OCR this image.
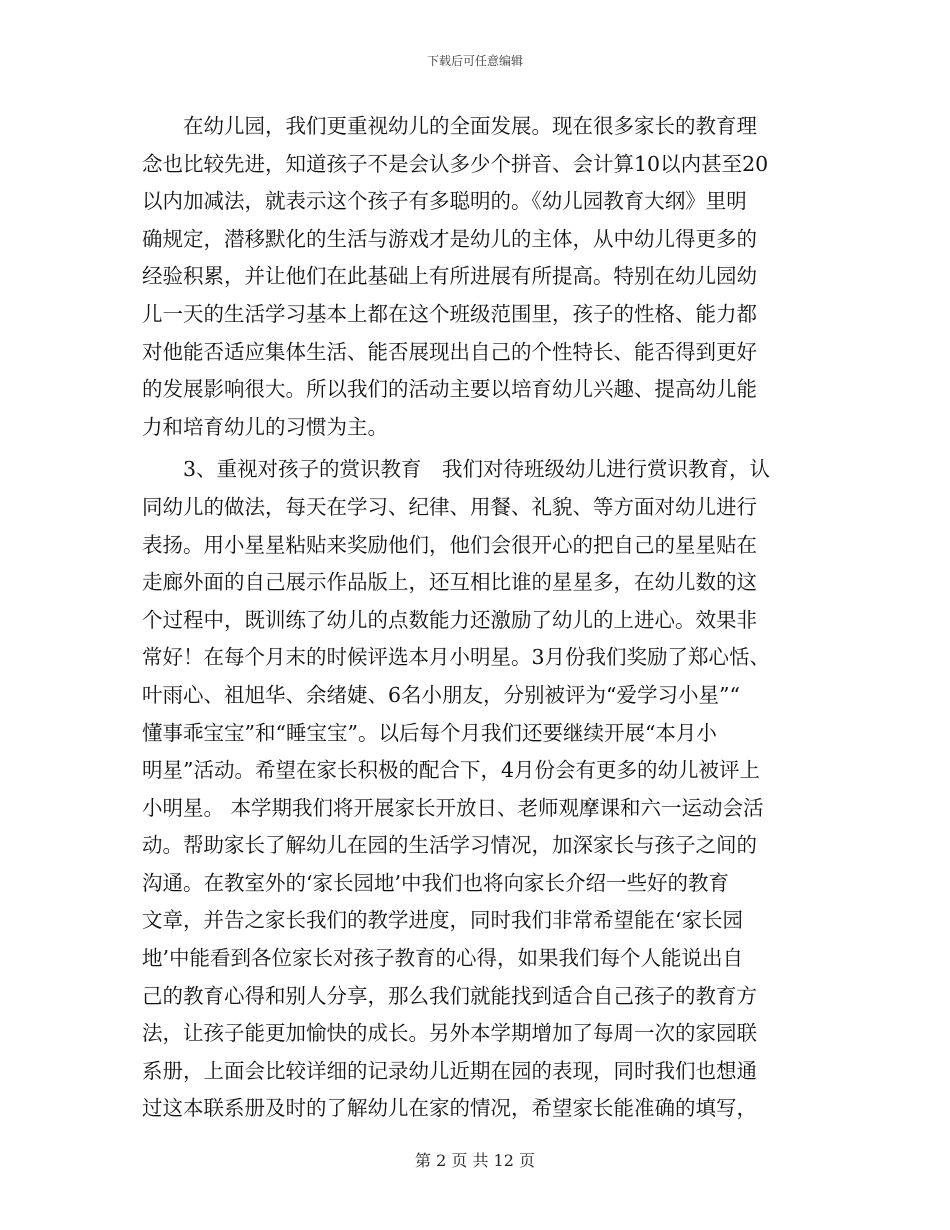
下载后可任意编辑
　　在幼儿园，我们更重视幼儿的全面发展。现在很多家长的教育理
念也比较先进，知道孩子不是会认多少个拼音、会计算10以内甚至20
以内加减法，就表示这个孩子有多聪明的。《幼儿园教育大纲》里明
确规定，潜移默化的生活与游戏才是幼儿的主体，从中幼儿得更多的
经验积累，并让他们在此基础上有所进展有所提高。特别在幼儿园幼
儿一天的生活学习基本上都在这个班级范围里，孩子的性格、能力都
对他能否适应集体生活、能否展现出自己的个性特长、能否得到更好
的发展影响很大。所以我们的活动主要以培育幼儿兴趣、提高幼儿能
力和培育幼儿的习惯为主。
　　3、重视对孩子的赏识教育　我们对待班级幼儿进行赏识教育，认
同幼儿的做法，每天在学习、纪律、用餐、礼貌、等方面对幼儿进行
表扬。用小星星粘贴来奖励他们，他们会很开心的把自己的星星贴在
走廊外面的自己展示作品版上，还互相比谁的星星多，在幼儿数的这
个过程中，既训练了幼儿的点数能力还激励了幼儿的上进心。效果非
常好！在每个月末的时候评选本月小明星。3月份我们奖励了郑心恬、
叶雨心、祖旭华、余绪婕、6名小朋友，分别被评为“爱学习小星”“
懂事乖宝宝”和“睡宝宝”。以后每个月我们还要继续开展“本月小
明星”活动。希望在家长积极的配合下，4月份会有更多的幼儿被评上
小明星。 本学期我们将开展家长开放日、老师观摩课和六一运动会活
动。帮助家长了解幼儿在园的生活学习情况，加深家长与孩子之间的
沟通。在教室外的‘家长园地’中我们也将向家长介绍一些好的教育
文章，并告之家长我们的教学进度，同时我们非常希望能在‘家长园
地’中能看到各位家长对孩子教育的心得，如果我们每个人能说出自
己的教育心得和别人分享，那么我们就能找到适合自己孩子的教育方
法，让孩子能更加愉快的成长。另外本学期增加了每周一次的家园联
系册，上面会比较详细的记录幼儿近期在园的表现，同时我们也想通
过这本联系册及时的了解幼儿在家的情况，希望家长能准确的填写，
第 2 页 共 12 页
